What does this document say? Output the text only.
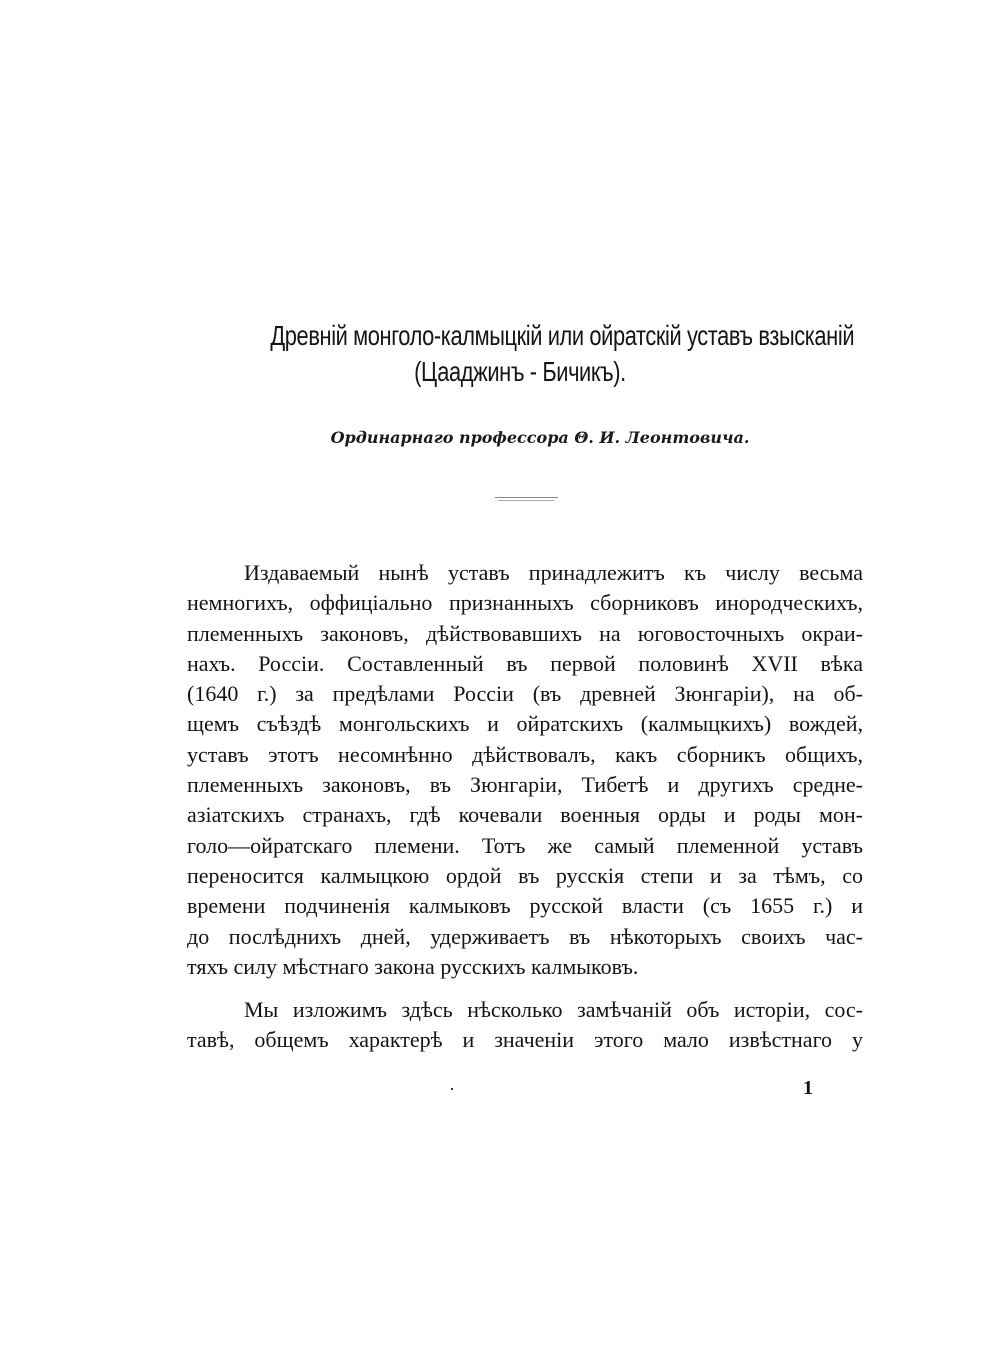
Древній монголо-калмыцкій или ойратскій уставъ взысканій
(Цааджинъ - Бичикъ).
Ординарнаго профессора Θ. И. Леонтовича.

Издаваемый нынѣ уставъ принадлежитъ къ числу весьма
немногихъ, оффиціально признанныхъ сборниковъ инородческихъ,
племенныхъ законовъ, дѣйствовавшихъ на юговосточныхъ окраи-
нахъ. Россіи. Составленный въ первой половинѣ XVII вѣка
(1640 г.) за предѣлами Россіи (въ древней Зюнгаріи), на об-
щемъ съѣздѣ монгольскихъ и ойратскихъ (калмыцкихъ) вождей,
уставъ этотъ несомнѣнно дѣйствовалъ, какъ сборникъ общихъ,
племенныхъ законовъ, въ Зюнгаріи, Тибетѣ и другихъ средне-
азіатскихъ странахъ, гдѣ кочевали военныя орды и роды мон-
голо—ойратскаго племени. Тотъ же самый племенной уставъ
переносится калмыцкою ордой въ русскія степи и за тѣмъ, со
времени подчиненія калмыковъ русской власти (съ 1655 г.) и
до послѣднихъ дней, удерживаетъ въ нѣкоторыхъ своихъ час-
тяхъ силу мѣстнаго закона русскихъ калмыковъ.

Мы изложимъ здѣсь нѣсколько замѣчаній объ исторіи, сос-
тавѣ, общемъ характерѣ и значеніи этого мало извѣстнаго у

·	1
